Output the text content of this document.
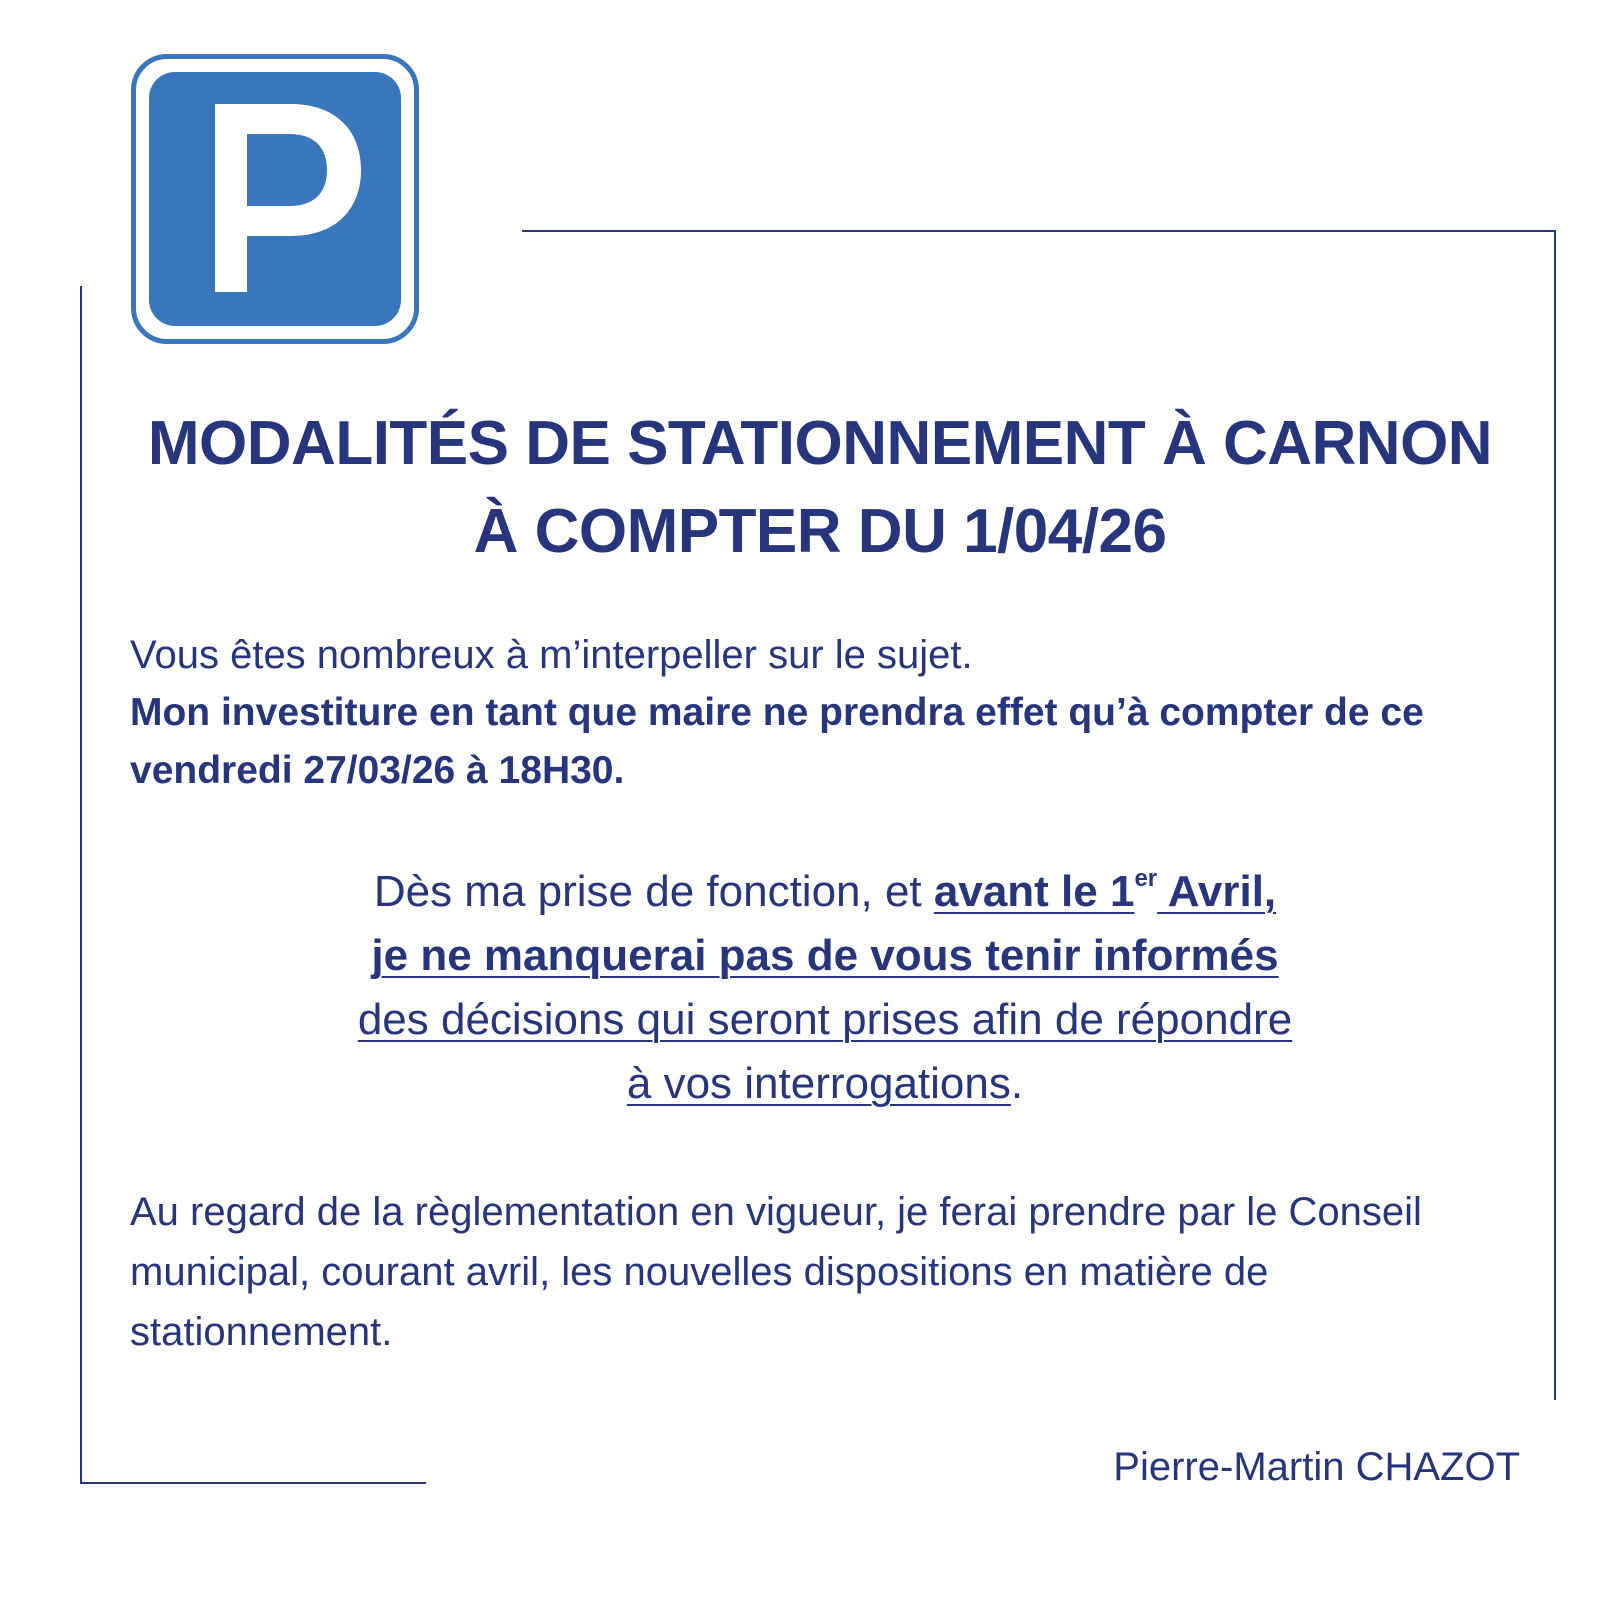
MODALITÉS DE STATIONNEMENT À CARNON
À COMPTER DU 1/04/26

Vous êtes nombreux à m’interpeller sur le sujet.
Mon investiture en tant que maire ne prendra effet qu’à compter de ce vendredi 27/03/26 à 18H30.

Dès ma prise de fonction, et avant le 1er Avril,
je ne manquerai pas de vous tenir informés
des décisions qui seront prises afin de répondre
à vos interrogations.

Au regard de la règlementation en vigueur, je ferai prendre par le Conseil municipal, courant avril, les nouvelles dispositions en matière de stationnement.

Pierre-Martin CHAZOT
